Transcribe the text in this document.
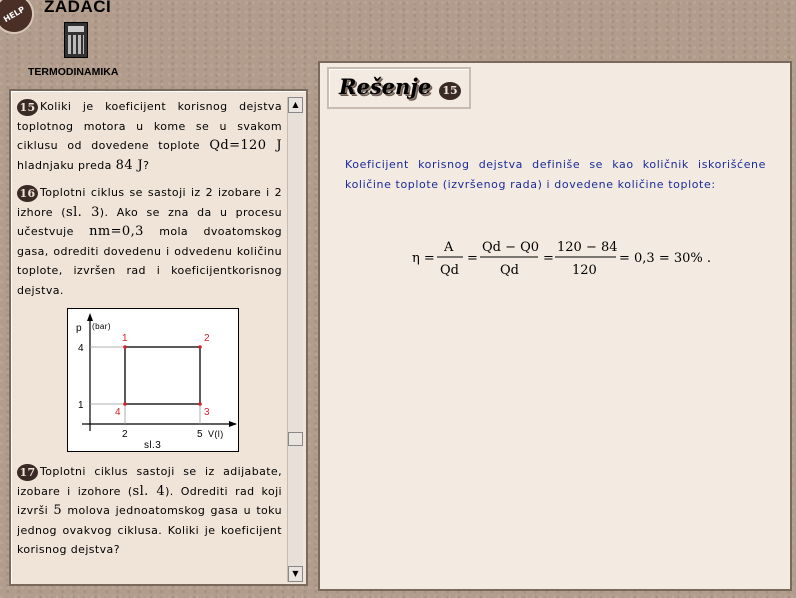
HELP	ZADACI
TERMODINAMIKA
15 Koliki je koeficijent korisnog dejstva toplotnog motora u kome se u svakom ciklusu od dovedene toplote Qd=120 J hladnjaku preda 84 J?
16 Toplotni ciklus se sastoji iz 2 izobare i 2 izhore (sl. 3). Ako se zna da u procesu učestvuje nm=0,3 mola dvoatomskog gasa, odrediti dovedenu i odvedenu količinu toplote, izvršen rad i koeficijentkorisnog dejstva.
p (bar)
4
1
2	5 V(l)
1	2
3
4
sl.3
17 Toplotni ciklus sastoji se iz adijabate, izobare i izohore (sl. 4). Odrediti rad koji izvrši 5 molova jednoatomskog gasa u toku jednog ovakvog ciklusa. Koliki je koeficijent korisnog dejstva?
▲
▼
Rešenje	15
Koeficijent korisnog dejstva definiše se kao količnik iskorišćene količine toplote (izvršenog rada) i dovedene količine toplote:
η =
A
Qd
=
Qd − Q0
Qd
=
120 − 84
120
= 0,3 = 30% .
